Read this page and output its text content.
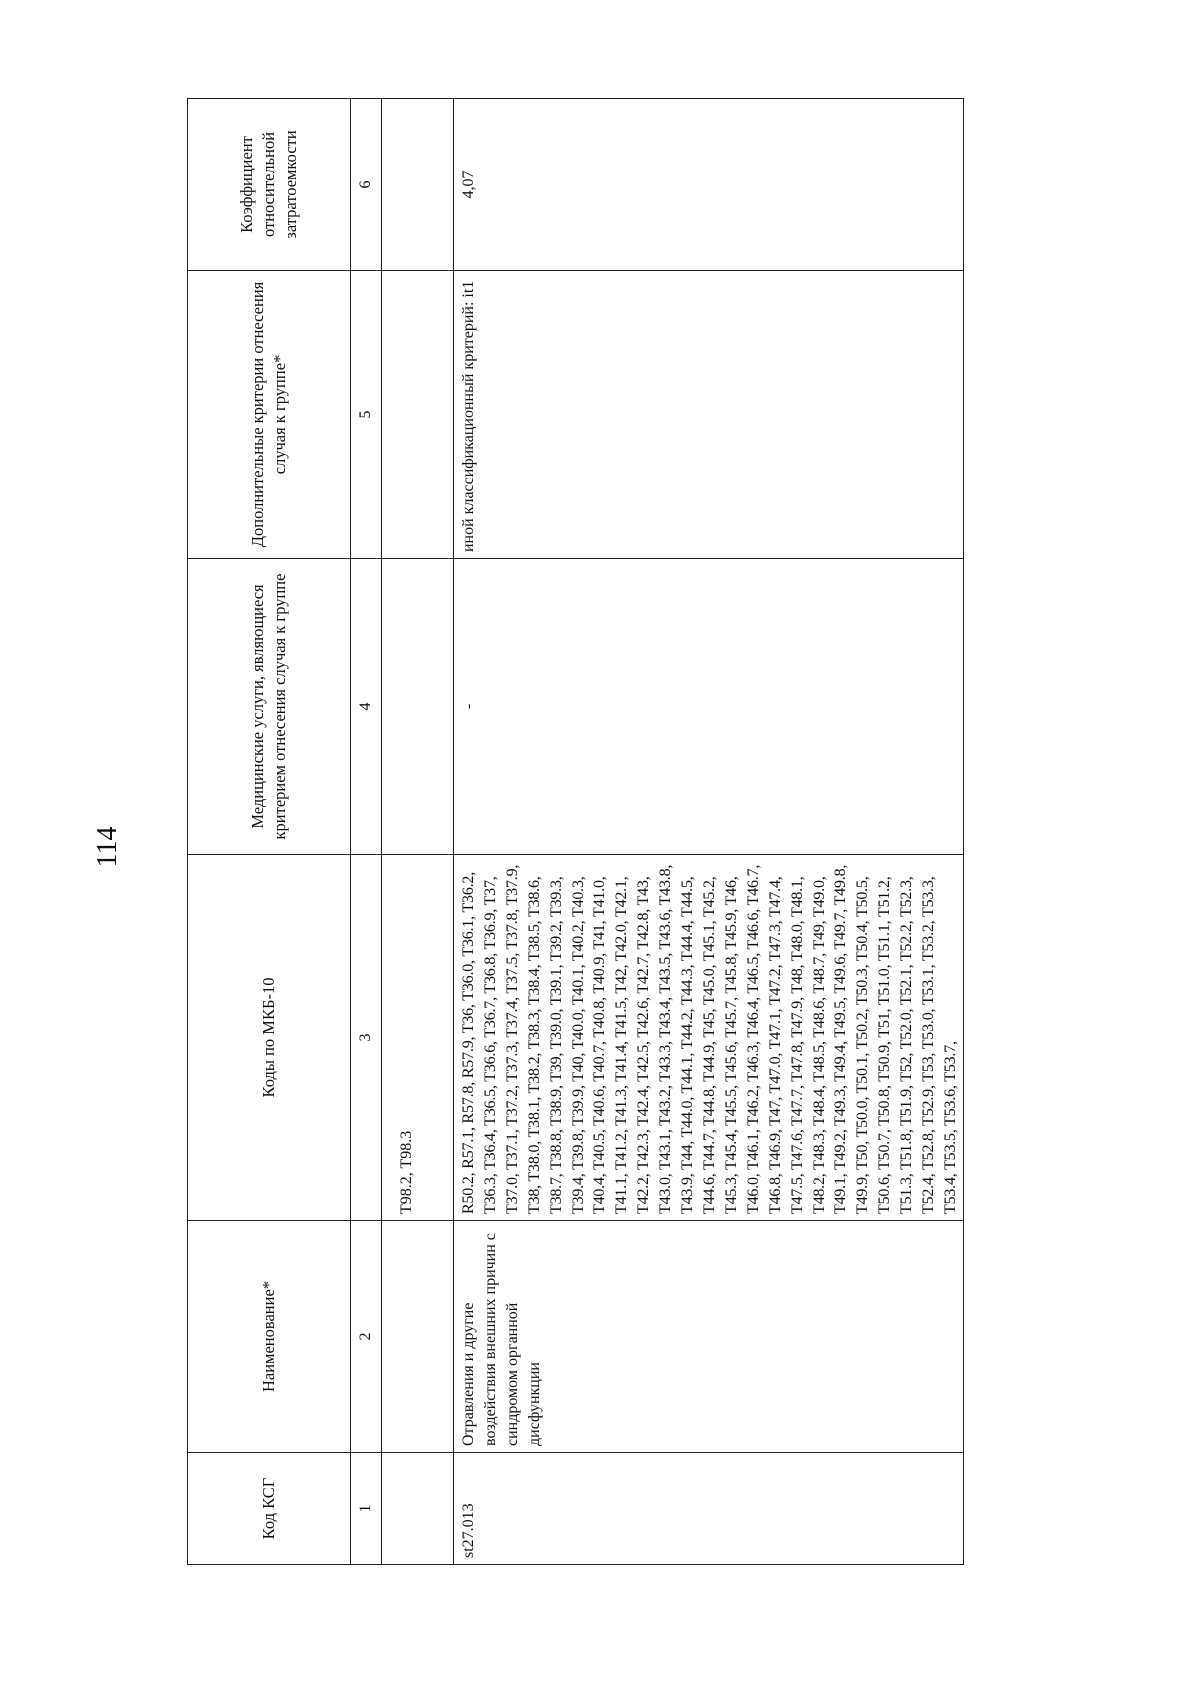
114
Код КСГ	Наименование*	Коды по МКБ-10	Медицинские услуги, являющиеся критерием отнесения случая к группе	Дополнительные критерии отнесения случая к группе*	Коэффициент относительной затратоемкости
1	2	3	4	5	6
		T98.2, T98.3			
st27.013	Отравления и другие воздействия внешних причин с синдромом органной дисфункции	R50.2, R57.1, R57.8, R57.9, T36, T36.0, T36.1, T36.2, T36.3, T36.4, T36.5, T36.6, T36.7, T36.8, T36.9, T37, T37.0, T37.1, T37.2, T37.3, T37.4, T37.5, T37.8, T37.9, T38, T38.0, T38.1, T38.2, T38.3, T38.4, T38.5, T38.6, T38.7, T38.8, T38.9, T39, T39.0, T39.1, T39.2, T39.3, T39.4, T39.8, T39.9, T40, T40.0, T40.1, T40.2, T40.3, T40.4, T40.5, T40.6, T40.7, T40.8, T40.9, T41, T41.0, T41.1, T41.2, T41.3, T41.4, T41.5, T42, T42.0, T42.1, T42.2, T42.3, T42.4, T42.5, T42.6, T42.7, T42.8, T43, T43.0, T43.1, T43.2, T43.3, T43.4, T43.5, T43.6, T43.8, T43.9, T44, T44.0, T44.1, T44.2, T44.3, T44.4, T44.5, T44.6, T44.7, T44.8, T44.9, T45, T45.0, T45.1, T45.2, T45.3, T45.4, T45.5, T45.6, T45.7, T45.8, T45.9, T46, T46.0, T46.1, T46.2, T46.3, T46.4, T46.5, T46.6, T46.7, T46.8, T46.9, T47, T47.0, T47.1, T47.2, T47.3, T47.4, T47.5, T47.6, T47.7, T47.8, T47.9, T48, T48.0, T48.1, T48.2, T48.3, T48.4, T48.5, T48.6, T48.7, T49, T49.0, T49.1, T49.2, T49.3, T49.4, T49.5, T49.6, T49.7, T49.8, T49.9, T50, T50.0, T50.1, T50.2, T50.3, T50.4, T50.5, T50.6, T50.7, T50.8, T50.9, T51, T51.0, T51.1, T51.2, T51.3, T51.8, T51.9, T52, T52.0, T52.1, T52.2, T52.3, T52.4, T52.8, T52.9, T53, T53.0, T53.1, T53.2, T53.3, T53.4, T53.5, T53.6, T53.7,	-	иной классификационный критерий: it1	4,07
